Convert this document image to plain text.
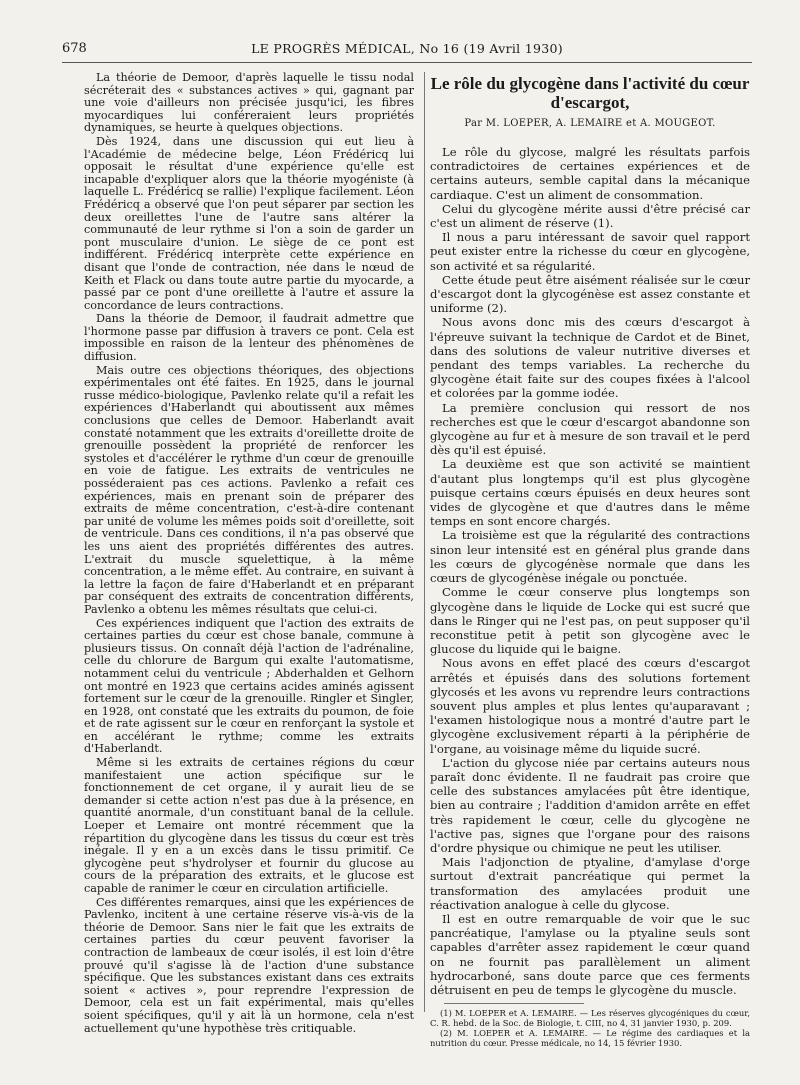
678	LE PROGRÈS MÉDICAL, No 16 (19 Avril 1930)

La théorie de Demoor, d'après laquelle le tissu nodal sécréterait des « substances actives » qui, gagnant par une voie d'ailleurs non précisée jusqu'ici, les fibres myocardiques lui conféreraient leurs propriétés dynamiques, se heurte à quelques objections.

Dès 1924, dans une discussion qui eut lieu à l'Académie de médecine belge, Léon Frédéricq lui opposait le résultat d'une expérience qu'elle est incapable d'expliquer alors que la théorie myogéniste (à laquelle L. Frédéricq se rallie) l'explique facilement. Léon Frédéricq a observé que l'on peut séparer par section les deux oreillettes l'une de l'autre sans altérer la communauté de leur rythme si l'on a soin de garder un pont musculaire d'union. Le siège de ce pont est indifférent. Frédéricq interprète cette expérience en disant que l'onde de contraction, née dans le nœud de Keith et Flack ou dans toute autre partie du myocarde, a passé par ce pont d'une oreillette à l'autre et assure la concordance de leurs contractions.

Dans la théorie de Demoor, il faudrait admettre que l'hormone passe par diffusion à travers ce pont. Cela est impossible en raison de la lenteur des phénomènes de diffusion.

Mais outre ces objections théoriques, des objections expérimentales ont été faites. En 1925, dans le journal russe médico-biologique, Pavlenko relate qu'il a refait les expériences d'Haberlandt qui aboutissent aux mêmes conclusions que celles de Demoor. Haberlandt avait constaté notamment que les extraits d'oreillette droite de grenouille possèdent la propriété de renforcer les systoles et d'accélérer le rythme d'un cœur de grenouille en voie de fatigue. Les extraits de ventricules ne posséderaient pas ces actions. Pavlenko a refait ces expériences, mais en prenant soin de préparer des extraits de même concentration, c'est-à-dire contenant par unité de volume les mêmes poids soit d'oreillette, soit de ventricule. Dans ces conditions, il n'a pas observé que les uns aient des propriétés différentes des autres. L'extrait du muscle squelettique, à la même concentration, a le même effet. Au contraire, en suivant à la lettre la façon de faire d'Haberlandt et en préparant par conséquent des extraits de concentration différents, Pavlenko a obtenu les mêmes résultats que celui-ci.

Ces expériences indiquent que l'action des extraits de certaines parties du cœur est chose banale, commune à plusieurs tissus. On connaît déjà l'action de l'adrénaline, celle du chlorure de Bargum qui exalte l'automatisme, notamment celui du ventricule ; Abderhalden et Gelhorn ont montré en 1923 que certains acides aminés agissent fortement sur le cœur de la grenouille. Ringler et Singler, en 1928, ont constaté que les extraits du poumon, de foie et de rate agissent sur le cœur en renforçant la systole et en accélérant le rythme; comme les extraits d'Haberlandt.

Même si les extraits de certaines régions du cœur manifestaient une action spécifique sur le fonctionnement de cet organe, il y aurait lieu de se demander si cette action n'est pas due à la présence, en quantité anormale, d'un constituant banal de la cellule. Loeper et Lemaire ont montré récemment que la répartition du glycogène dans les tissus du cœur est très inégale. Il y en a un excès dans le tissu primitif. Ce glycogène peut s'hydrolyser et fournir du glucose au cours de la préparation des extraits, et le glucose est capable de ranimer le cœur en circulation artificielle.

Ces différentes remarques, ainsi que les expériences de Pavlenko, incitent à une certaine réserve vis-à-vis de la théorie de Demoor. Sans nier le fait que les extraits de certaines parties du cœur peuvent favoriser la contraction de lambeaux de cœur isolés, il est loin d'être prouvé qu'il s'agisse là de l'action d'une substance spécifique. Que les substances existant dans ces extraits soient « actives », pour reprendre l'expression de Demoor, cela est un fait expérimental, mais qu'elles soient spécifiques, qu'il y ait là un hormone, cela n'est actuellement qu'une hypothèse très critiquable.

Le rôle du glycogène dans l'activité du cœur d'escargot,
Par M. LOEPER, A. LEMAIRE et A. MOUGEOT.

Le rôle du glycose, malgré les résultats parfois contradictoires de certaines expériences et de certains auteurs, semble capital dans la mécanique cardiaque. C'est un aliment de consommation.

Celui du glycogène mérite aussi d'être précisé car c'est un aliment de réserve (1).

Il nous a paru intéressant de savoir quel rapport peut exister entre la richesse du cœur en glycogène, son activité et sa régularité.

Cette étude peut être aisément réalisée sur le cœur d'escargot dont la glycogénèse est assez constante et uniforme (2).

Nous avons donc mis des cœurs d'escargot à l'épreuve suivant la technique de Cardot et de Binet, dans des solutions de valeur nutritive diverses et pendant des temps variables. La recherche du glycogène était faite sur des coupes fixées à l'alcool et colorées par la gomme iodée.

La première conclusion qui ressort de nos recherches est que le cœur d'escargot abandonne son glycogène au fur et à mesure de son travail et le perd dès qu'il est épuisé.

La deuxième est que son activité se maintient d'autant plus longtemps qu'il est plus glycogène puisque certains cœurs épuisés en deux heures sont vides de glycogène et que d'autres dans le même temps en sont encore chargés.

La troisième est que la régularité des contractions sinon leur intensité est en général plus grande dans les cœurs de glycogénèse normale que dans les cœurs de glycogénèse inégale ou ponctuée.

Comme le cœur conserve plus longtemps son glycogène dans le liquide de Locke qui est sucré que dans le Ringer qui ne l'est pas, on peut supposer qu'il reconstitue petit à petit son glycogène avec le glucose du liquide qui le baigne.

Nous avons en effet placé des cœurs d'escargot arrêtés et épuisés dans des solutions fortement glycosés et les avons vu reprendre leurs contractions souvent plus amples et plus lentes qu'auparavant ; l'examen histologique nous a montré d'autre part le glycogène exclusivement réparti à la périphérie de l'organe, au voisinage même du liquide sucré.

L'action du glycose niée par certains auteurs nous paraît donc évidente. Il ne faudrait pas croire que celle des substances amylacées pût être identique, bien au contraire ; l'addition d'amidon arrête en effet très rapidement le cœur, celle du glycogène ne l'active pas, signes que l'organe pour des raisons d'ordre physique ou chimique ne peut les utiliser.

Mais l'adjonction de ptyaline, d'amylase d'orge surtout d'extrait pancréatique qui permet la transformation des amylacées produit une réactivation analogue à celle du glycose.

Il est en outre remarquable de voir que le suc pancréatique, l'amylase ou la ptyaline seuls sont capables d'arrêter assez rapidement le cœur quand on ne fournit pas parallèlement un aliment hydrocarboné, sans doute parce que ces ferments détruisent en peu de temps le glycogène du muscle.

(1) M. LOEPER et A. LEMAIRE. — Les réserves glycogéniques du cœur, C. R. hebd. de la Soc. de Biologie, t. CIII, no 4, 31 janvier 1930, p. 209.

(2) M. LOEPER et A. LEMAIRE. — Le régime des cardiaques et la nutrition du cœur. Presse médicale, no 14, 15 février 1930.
